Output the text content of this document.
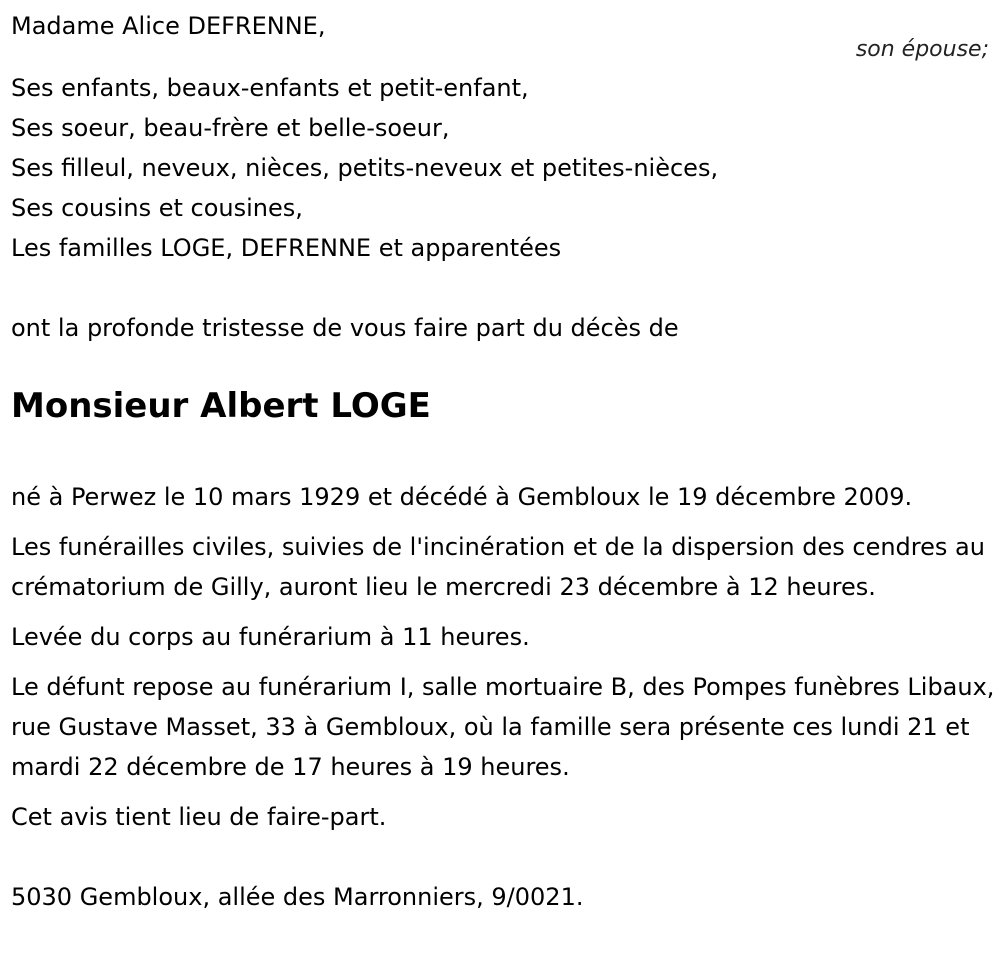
Madame Alice DEFRENNE,

son épouse;

Ses enfants, beaux-enfants et petit-enfant,

Ses soeur, beau-frère et belle-soeur,

Ses filleul, neveux, nièces, petits-neveux et petites-nièces,

Ses cousins et cousines,

Les familles LOGE, DEFRENNE et apparentées

ont la profonde tristesse de vous faire part du décès de

Monsieur Albert LOGE

né à Perwez le 10 mars 1929 et décédé à Gembloux le 19 décembre 2009.

Les funérailles civiles, suivies de l'incinération et de la dispersion des cendres au crématorium de Gilly, auront lieu le mercredi 23 décembre à 12 heures.

Levée du corps au funérarium à 11 heures.

Le défunt repose au funérarium I, salle mortuaire B, des Pompes funèbres Libaux, rue Gustave Masset, 33 à Gembloux, où la famille sera présente ces lundi 21 et mardi 22 décembre de 17 heures à 19 heures.

Cet avis tient lieu de faire-part.

5030 Gembloux, allée des Marronniers, 9/0021.
